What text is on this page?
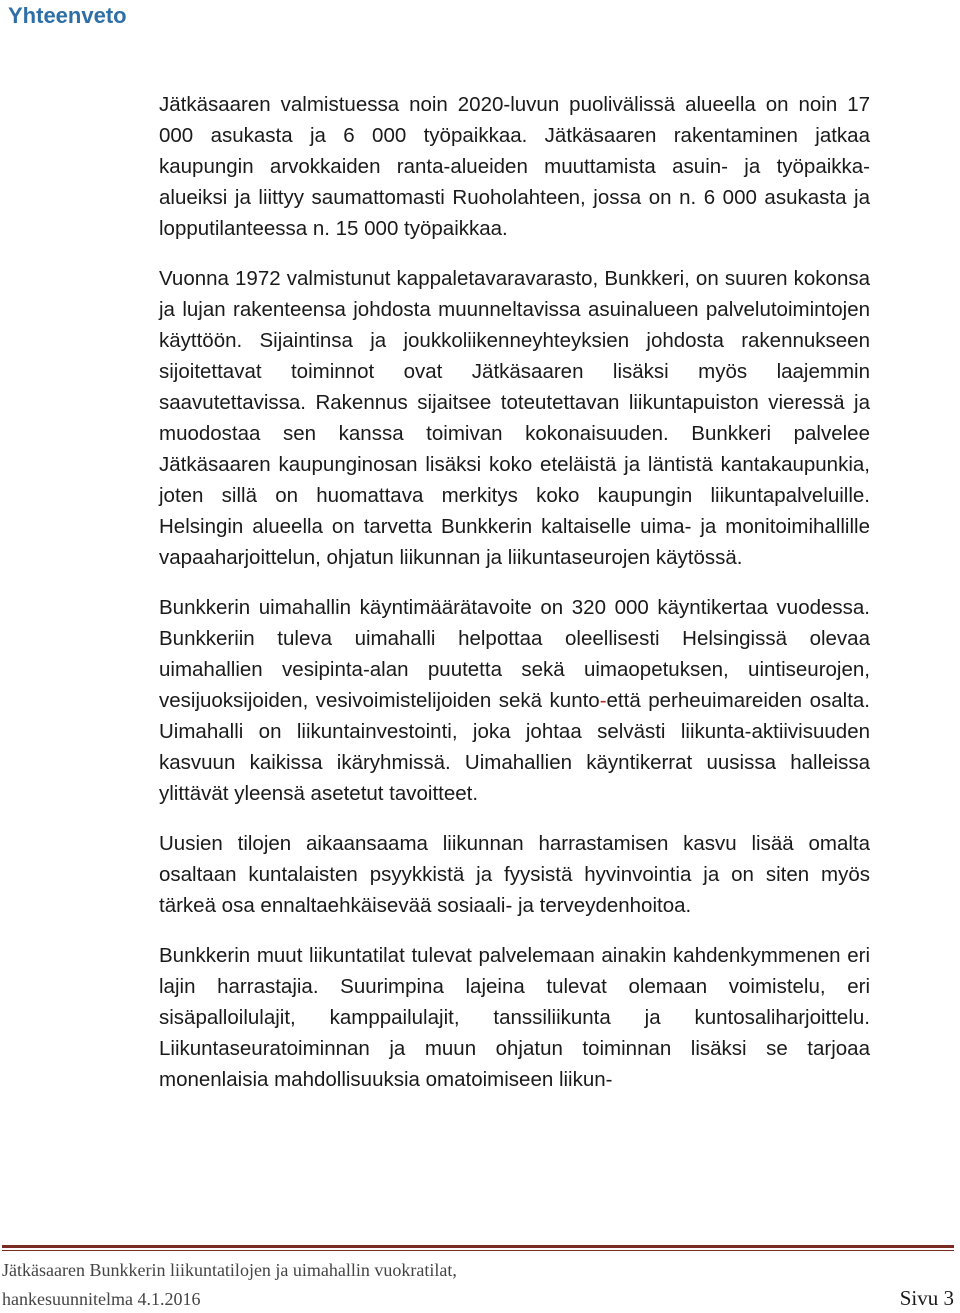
Yhteenveto

Jätkäsaaren valmistuessa noin 2020-luvun puolivälissä alueella on noin 17 000 asukasta ja 6 000 työpaikkaa. Jätkäsaaren rakentaminen jatkaa kaupungin arvokkaiden ranta-alueiden muuttamista asuin- ja työpaikka-alueiksi ja liittyy saumattomasti Ruoholahteen, jossa on n. 6 000 asukasta ja lopputilanteessa n. 15 000 työpaikkaa.

Vuonna 1972 valmistunut kappaletavaravarasto, Bunkkeri, on suuren kokonsa ja lujan rakenteensa johdosta muunneltavissa asuinalueen palvelutoimintojen käyttöön. Sijaintinsa ja joukkoliikenneyhteyksien johdosta rakennukseen sijoitettavat toiminnot ovat Jätkäsaaren lisäksi myös laajemmin saavutettavissa. Rakennus sijaitsee toteutettavan liikuntapuiston vieressä ja muodostaa sen kanssa toimivan kokonaisuuden. Bunkkeri palvelee Jätkäsaaren kaupunginosan lisäksi koko eteläistä ja läntistä kantakaupunkia, joten sillä on huomattava merkitys koko kaupungin liikuntapalveluille. Helsingin alueella on tarvetta Bunkkerin kaltaiselle uima- ja monitoimihallille vapaaharjoittelun, ohjatun liikunnan ja liikuntaseurojen käytössä.

Bunkkerin uimahallin käyntimäärätavoite on 320 000 käyntikertaa vuodessa. Bunkkeriin tuleva uimahalli helpottaa oleellisesti Helsingissä olevaa uimahallien vesipinta-alan puutetta sekä uimaopetuksen, uintiseurojen, vesijuoksijoiden, vesivoimistelijoiden sekä kunto-että perheuimareiden osalta. Uimahalli on liikuntainvestointi, joka johtaa selvästi liikunta-aktiivisuuden kasvuun kaikissa ikäryhmissä. Uimahallien käyntikerrat uusissa halleissa ylittävät yleensä asetetut tavoitteet.

Uusien tilojen aikaansaama liikunnan harrastamisen kasvu lisää omalta osaltaan kuntalaisten psyykkistä ja fyysistä hyvinvointia ja on siten myös tärkeä osa ennaltaehkäisevää sosiaali- ja terveydenhoitoa.

Bunkkerin muut liikuntatilat tulevat palvelemaan ainakin kahdenkymmenen eri lajin harrastajia. Suurimpina lajeina tulevat olemaan voimistelu, eri sisäpalloilulajit, kamppailulajit, tanssiliikunta ja kuntosaliharjoittelu. Liikuntaseuratoiminnan ja muun ohjatun toiminnan lisäksi se tarjoaa monenlaisia mahdollisuuksia omatoimiseen liikun-

Jätkäsaaren Bunkkerin liikuntatilojen ja uimahallin vuokratilat,
hankesuunnitelma 4.1.2016	Sivu 3
